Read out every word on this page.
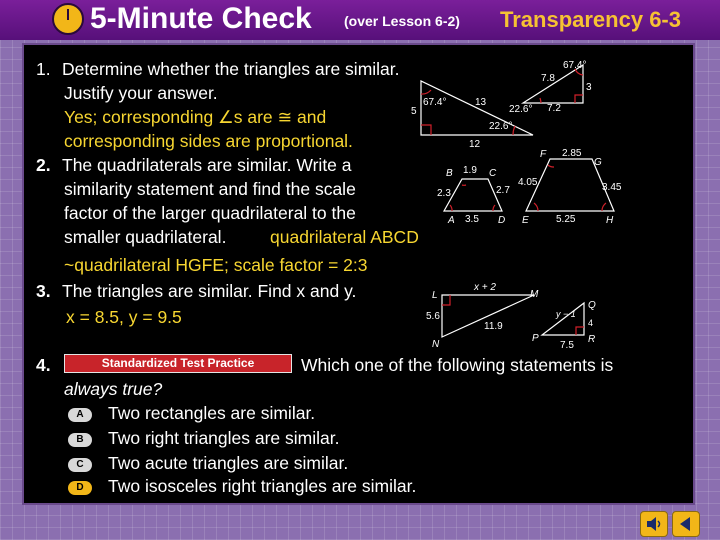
5-Minute Check (over Lesson 6-2) Transparency 6-3
1. Determine whether the triangles are similar.
Justify your answer.
Yes; corresponding ∠s are ≅ and
corresponding sides are proportional.
5
67.4°	13
22.6°
12
7.8
67.4°
3
22.6° 7.2
2. The quadrilaterals are similar. Write a
similarity statement and find the scale
factor of the larger quadrilateral to the
smaller quadrilateral. quadrilateral ABCD
~quadrilateral HGFE; scale factor = 2:3
B	C
A	D
1.9
2.3	2.7
3.5
F
G
E	H
2.85
4.05	3.45
5.25
3. The triangles are similar. Find x and y.
x = 8.5, y = 9.5
L	M
N
x + 2
5.6
11.9
Q
R
P
y − 1
4
7.5
4.	Standardized Test Practice	Which one of the following statements is
always true?
A	Two rectangles are similar.
B	Two right triangles are similar.
C	Two acute triangles are similar.
D	Two isosceles right triangles are similar.
